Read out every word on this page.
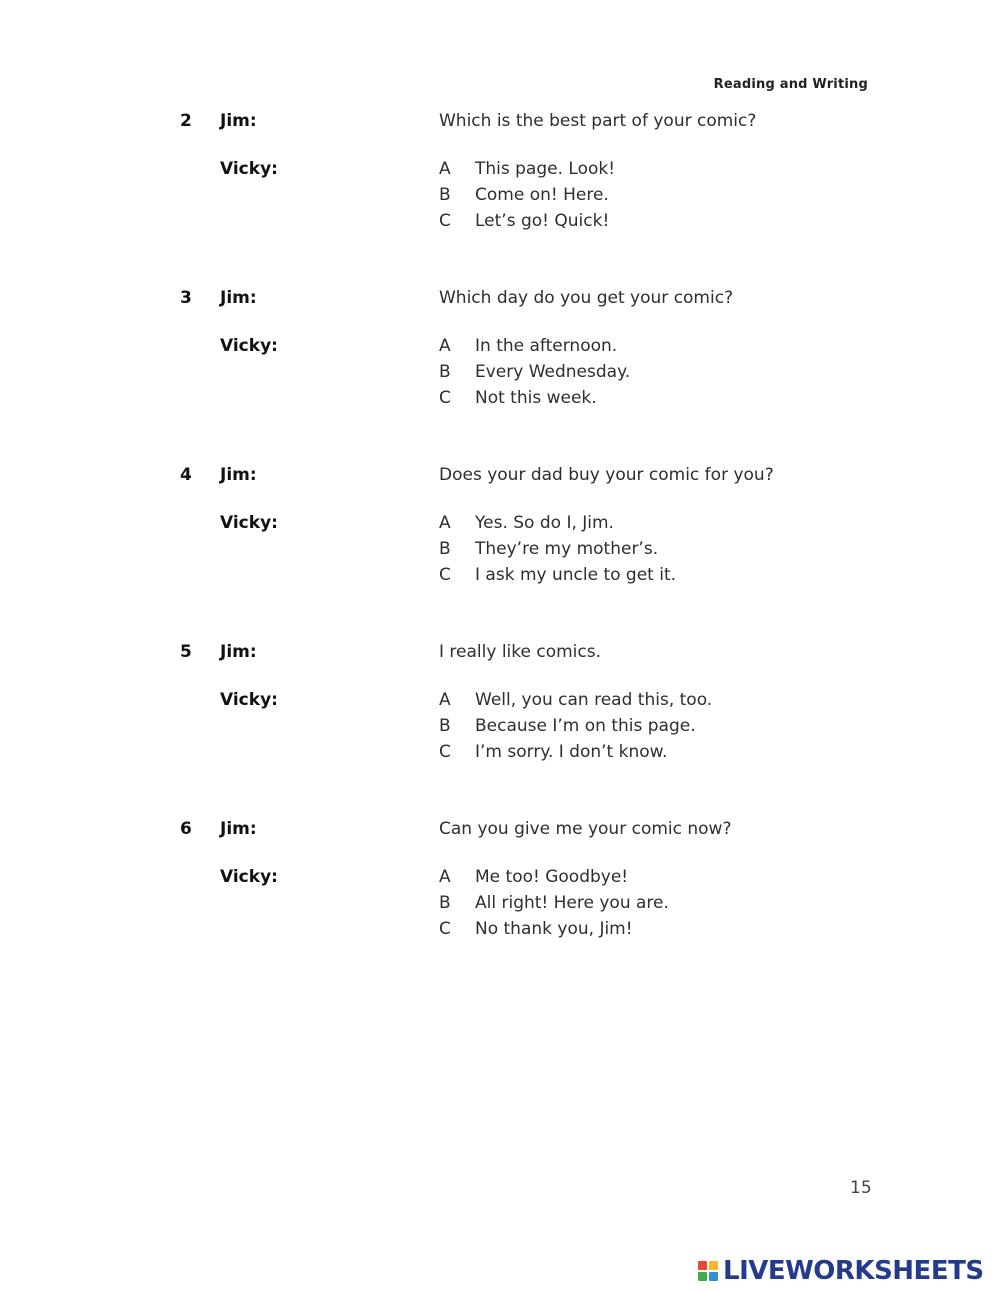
Reading and Writing
2 Jim:	Which is the best part of your comic?
Vicky:	A This page. Look!
B Come on! Here.
C Let’s go! Quick!
3 Jim:	Which day do you get your comic?
Vicky:	A In the afternoon.
B Every Wednesday.
C Not this week.
4 Jim:	Does your dad buy your comic for you?
Vicky:	A Yes. So do I, Jim.
B They’re my mother’s.
C I ask my uncle to get it.
5 Jim:	I really like comics.
Vicky:	A Well, you can read this, too.
B Because I’m on this page.
C I’m sorry. I don’t know.
6 Jim:	Can you give me your comic now?
Vicky:	A Me too! Goodbye!
B All right! Here you are.
C No thank you, Jim!
15
LIVEWORKSHEETS
